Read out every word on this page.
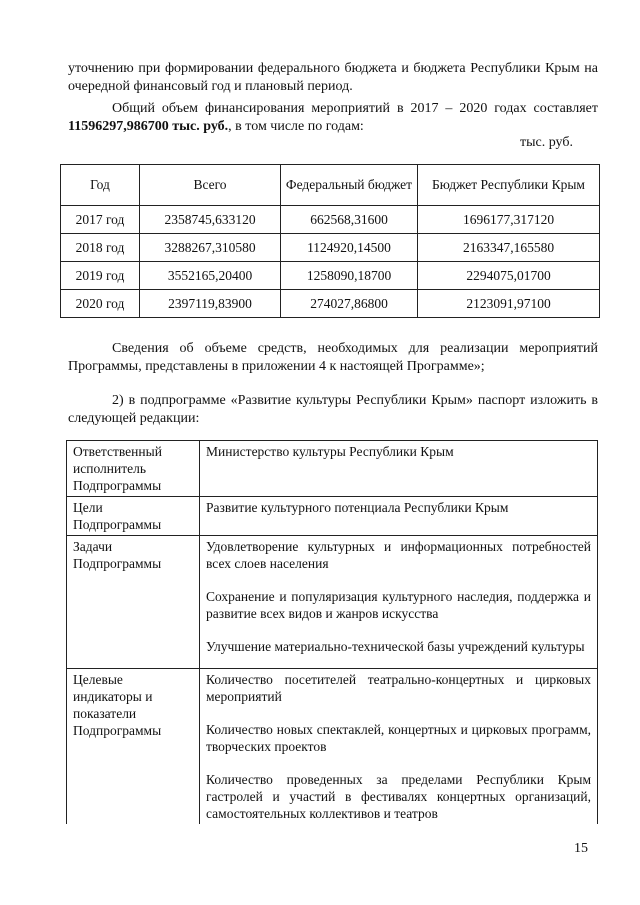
уточнению при формировании федерального бюджета и бюджета Республики Крым на очередной финансовый год и плановый период.

Общий объем финансирования мероприятий в 2017 – 2020 годах составляет 11596297,986700 тыс. руб., в том числе по годам:

тыс. руб.
Год	Всего	Федеральный бюджет	Бюджет Республики Крым
2017 год	2358745,633120	662568,31600	1696177,317120
2018 год	3288267,310580	1124920,14500	2163347,165580
2019 год	3552165,20400	1258090,18700	2294075,01700
2020 год	2397119,83900	274027,86800	2123091,97100

Сведения об объеме средств, необходимых для реализации мероприятий Программы, представлены в приложении 4 к настоящей Программе»;

2) в подпрограмме «Развитие культуры Республики Крым» паспорт изложить в следующей редакции:

Ответственный исполнитель Подпрограммы	Министерство культуры Республики Крым

Цели Подпрограммы	Развитие культурного потенциала Республики Крым

Задачи Подпрограммы	Удовлетворение культурных и информационных потребностей всех слоев населения
Сохранение и популяризация культурного наследия, поддержка и развитие всех видов и жанров искусства
Улучшение материально-технической базы учреждений культуры

Целевые индикаторы и показатели Подпрограммы	Количество посетителей театрально-концертных и цирковых мероприятий
Количество новых спектаклей, концертных и цирковых программ, творческих проектов
Количество проведенных за пределами Республики Крым гастролей и участий в фестивалях концертных организаций, самостоятельных коллективов и театров
15
